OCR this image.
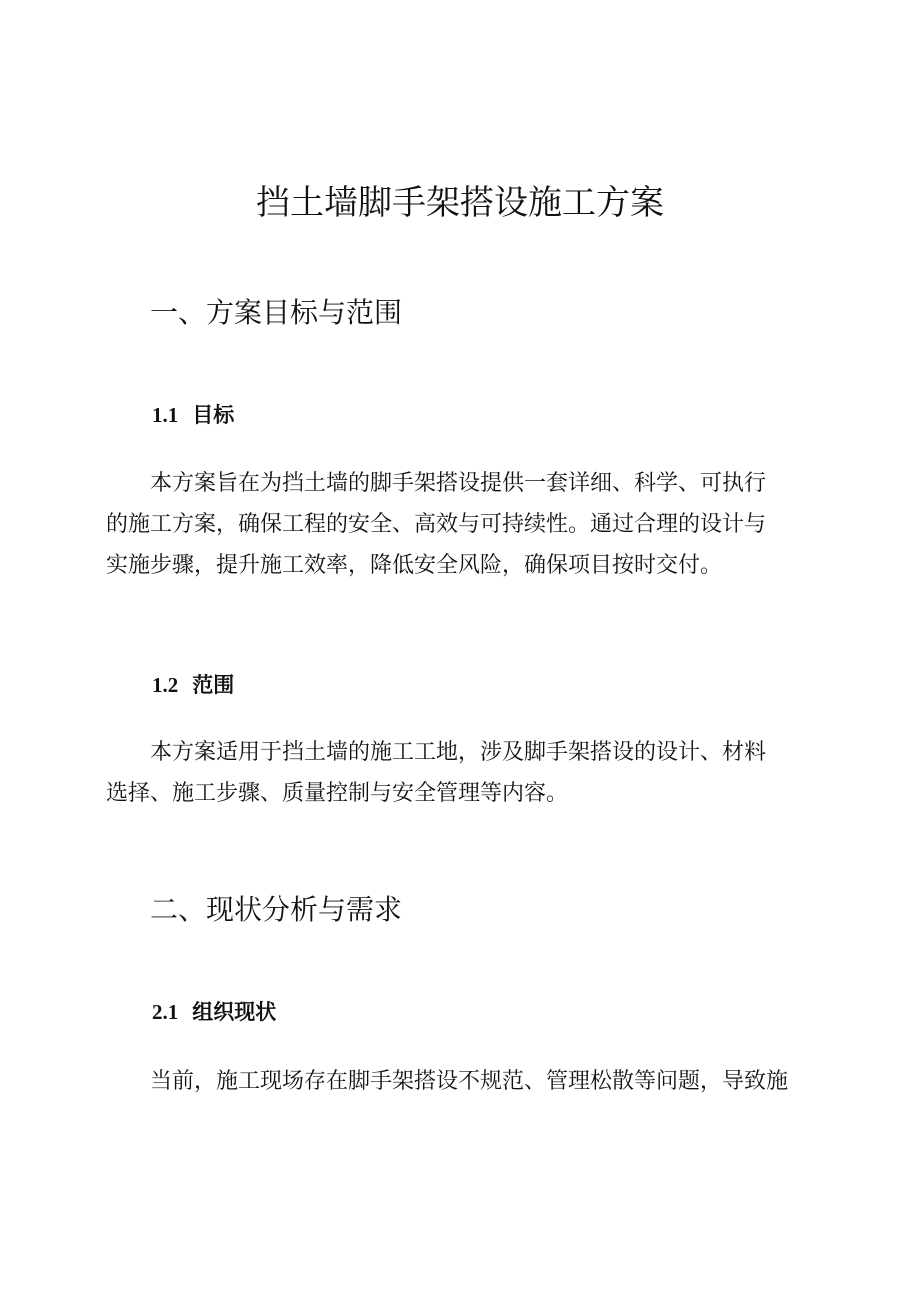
挡土墙脚手架搭设施工方案
一、方案目标与范围
1.1 目标
本方案旨在为挡土墙的脚手架搭设提供一套详细、科学、可执行
的施工方案，确保工程的安全、高效与可持续性。通过合理的设计与
实施步骤，提升施工效率，降低安全风险，确保项目按时交付。
1.2 范围
本方案适用于挡土墙的施工工地，涉及脚手架搭设的设计、材料
选择、施工步骤、质量控制与安全管理等内容。
二、现状分析与需求
2.1 组织现状
当前，施工现场存在脚手架搭设不规范、管理松散等问题，导致施
